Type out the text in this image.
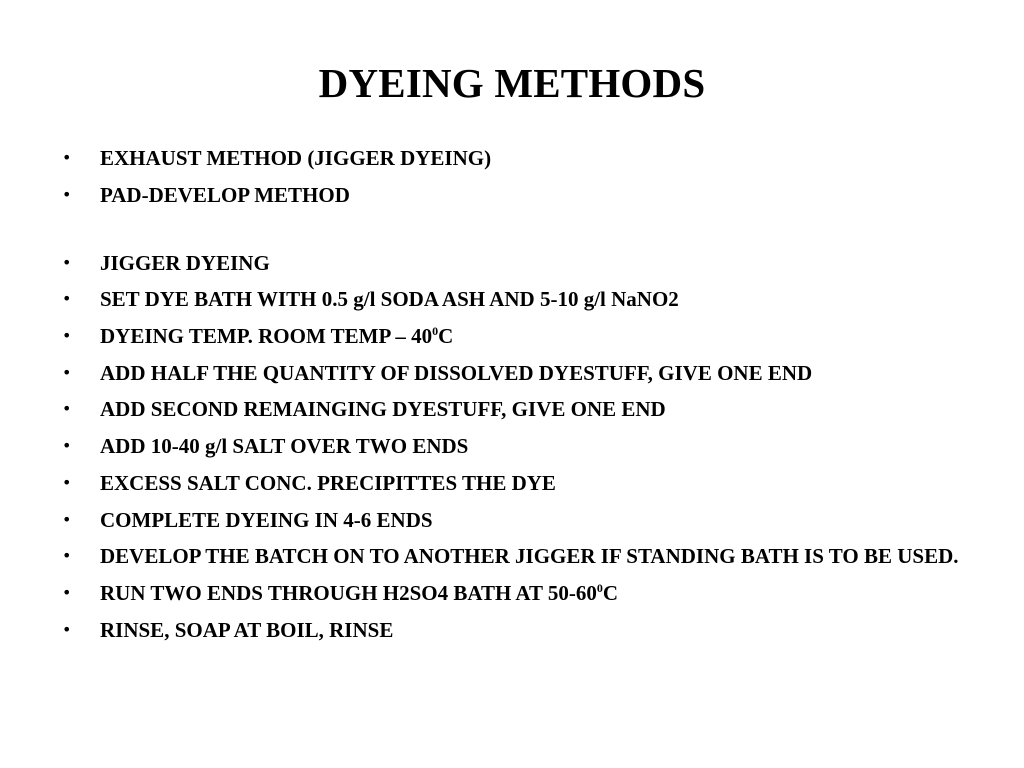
DYEING METHODS
• EXHAUST METHOD (JIGGER DYEING)
• PAD-DEVELOP METHOD
• JIGGER DYEING
• SET DYE BATH WITH 0.5 g/l SODA ASH AND 5-10 g/l NaNO2
• DYEING TEMP. ROOM TEMP – $40^0C$
• ADD HALF THE QUANTITY OF DISSOLVED DYESTUFF, GIVE ONE END
• ADD SECOND REMAINGING DYESTUFF, GIVE ONE END
• ADD 10-40 g/l SALT OVER TWO ENDS
• EXCESS SALT CONC. PRECIPITTES THE DYE
• COMPLETE DYEING IN 4-6 ENDS
• DEVELOP THE BATCH ON TO ANOTHER JIGGER IF STANDING BATH IS TO BE USED.
• RUN TWO ENDS THROUGH H2SO4 BATH AT $50-60^0C$
• RINSE, SOAP AT BOIL, RINSE
